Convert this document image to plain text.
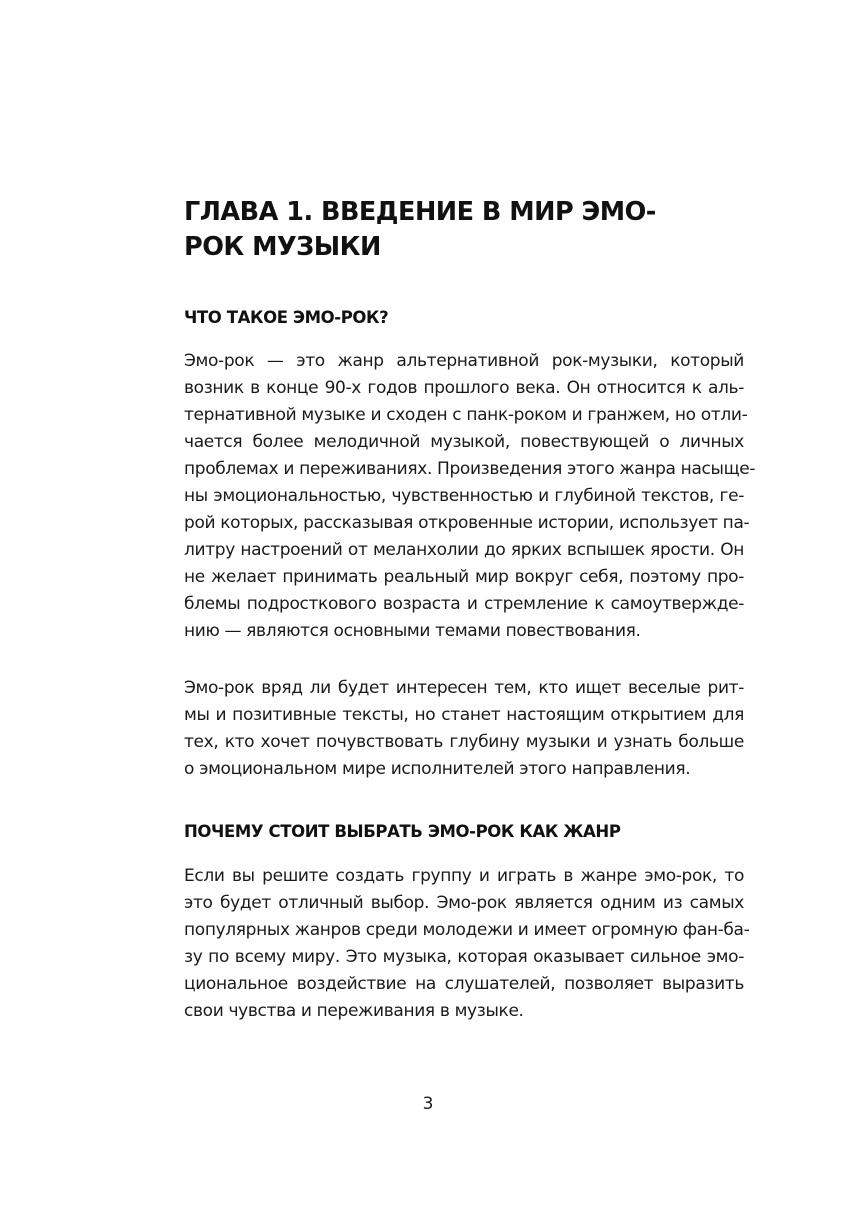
ГЛАВА 1. ВВЕДЕНИЕ В МИР ЭМО-
РОК МУЗЫКИ
ЧТО ТАКОЕ ЭМО-РОК?
Эмо-рок — это жанр альтернативной рок-музыки, который
возник в конце 90-х годов прошлого века. Он относится к аль-
тернативной музыке и сходен с панк-роком и гранжем, но отли-
чается более мелодичной музыкой, повествующей о личных
проблемах и переживаниях. Произведения этого жанра насыще-
ны эмоциональностью, чувственностью и глубиной текстов, ге-
рой которых, рассказывая откровенные истории, использует па-
литру настроений от меланхолии до ярких вспышек ярости. Он
не желает принимать реальный мир вокруг себя, поэтому про-
блемы подросткового возраста и стремление к самоутвержде-
нию — являются основными темами повествования.
Эмо-рок вряд ли будет интересен тем, кто ищет веселые рит-
мы и позитивные тексты, но станет настоящим открытием для
тех, кто хочет почувствовать глубину музыки и узнать больше
о эмоциональном мире исполнителей этого направления.
ПОЧЕМУ СТОИТ ВЫБРАТЬ ЭМО-РОК КАК ЖАНР
Если вы решите создать группу и играть в жанре эмо-рок, то
это будет отличный выбор. Эмо-рок является одним из самых
популярных жанров среди молодежи и имеет огромную фан-ба-
зу по всему миру. Это музыка, которая оказывает сильное эмо-
циональное воздействие на слушателей, позволяет выразить
свои чувства и переживания в музыке.
3
